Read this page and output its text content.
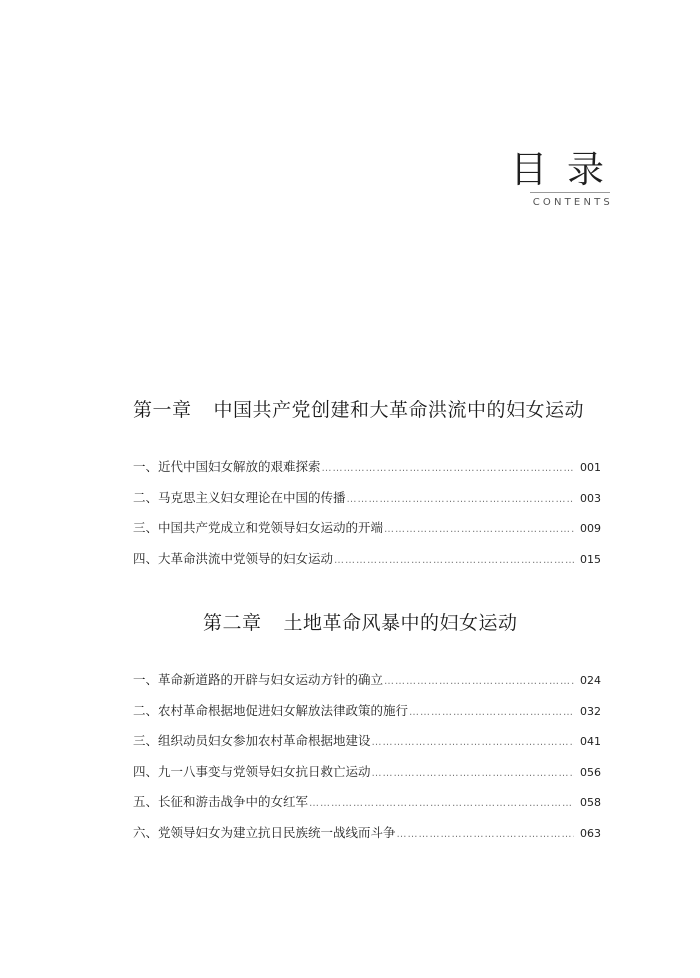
目 录
CONTENTS
第一章 中国共产党创建和大革命洪流中的妇女运动
一、近代中国妇女解放的艰难探索 …………………………………………………………………………………………………………………………………………	001
二、马克思主义妇女理论在中国的传播 …………………………………………………………………………………………………………………………………………	003
三、中国共产党成立和党领导妇女运动的开端 …………………………………………………………………………………………………………………………………………	009
四、大革命洪流中党领导的妇女运动 …………………………………………………………………………………………………………………………………………	015
第二章 土地革命风暴中的妇女运动
一、革命新道路的开辟与妇女运动方针的确立 …………………………………………………………………………………………………………………………………………	024
二、农村革命根据地促进妇女解放法律政策的施行 …………………………………………………………………………………………………………………………………………	032
三、组织动员妇女参加农村革命根据地建设 …………………………………………………………………………………………………………………………………………	041
四、九一八事变与党领导妇女抗日救亡运动 …………………………………………………………………………………………………………………………………………	056
五、长征和游击战争中的女红军 …………………………………………………………………………………………………………………………………………	058
六、党领导妇女为建立抗日民族统一战线而斗争 …………………………………………………………………………………………………………………………………………	063
